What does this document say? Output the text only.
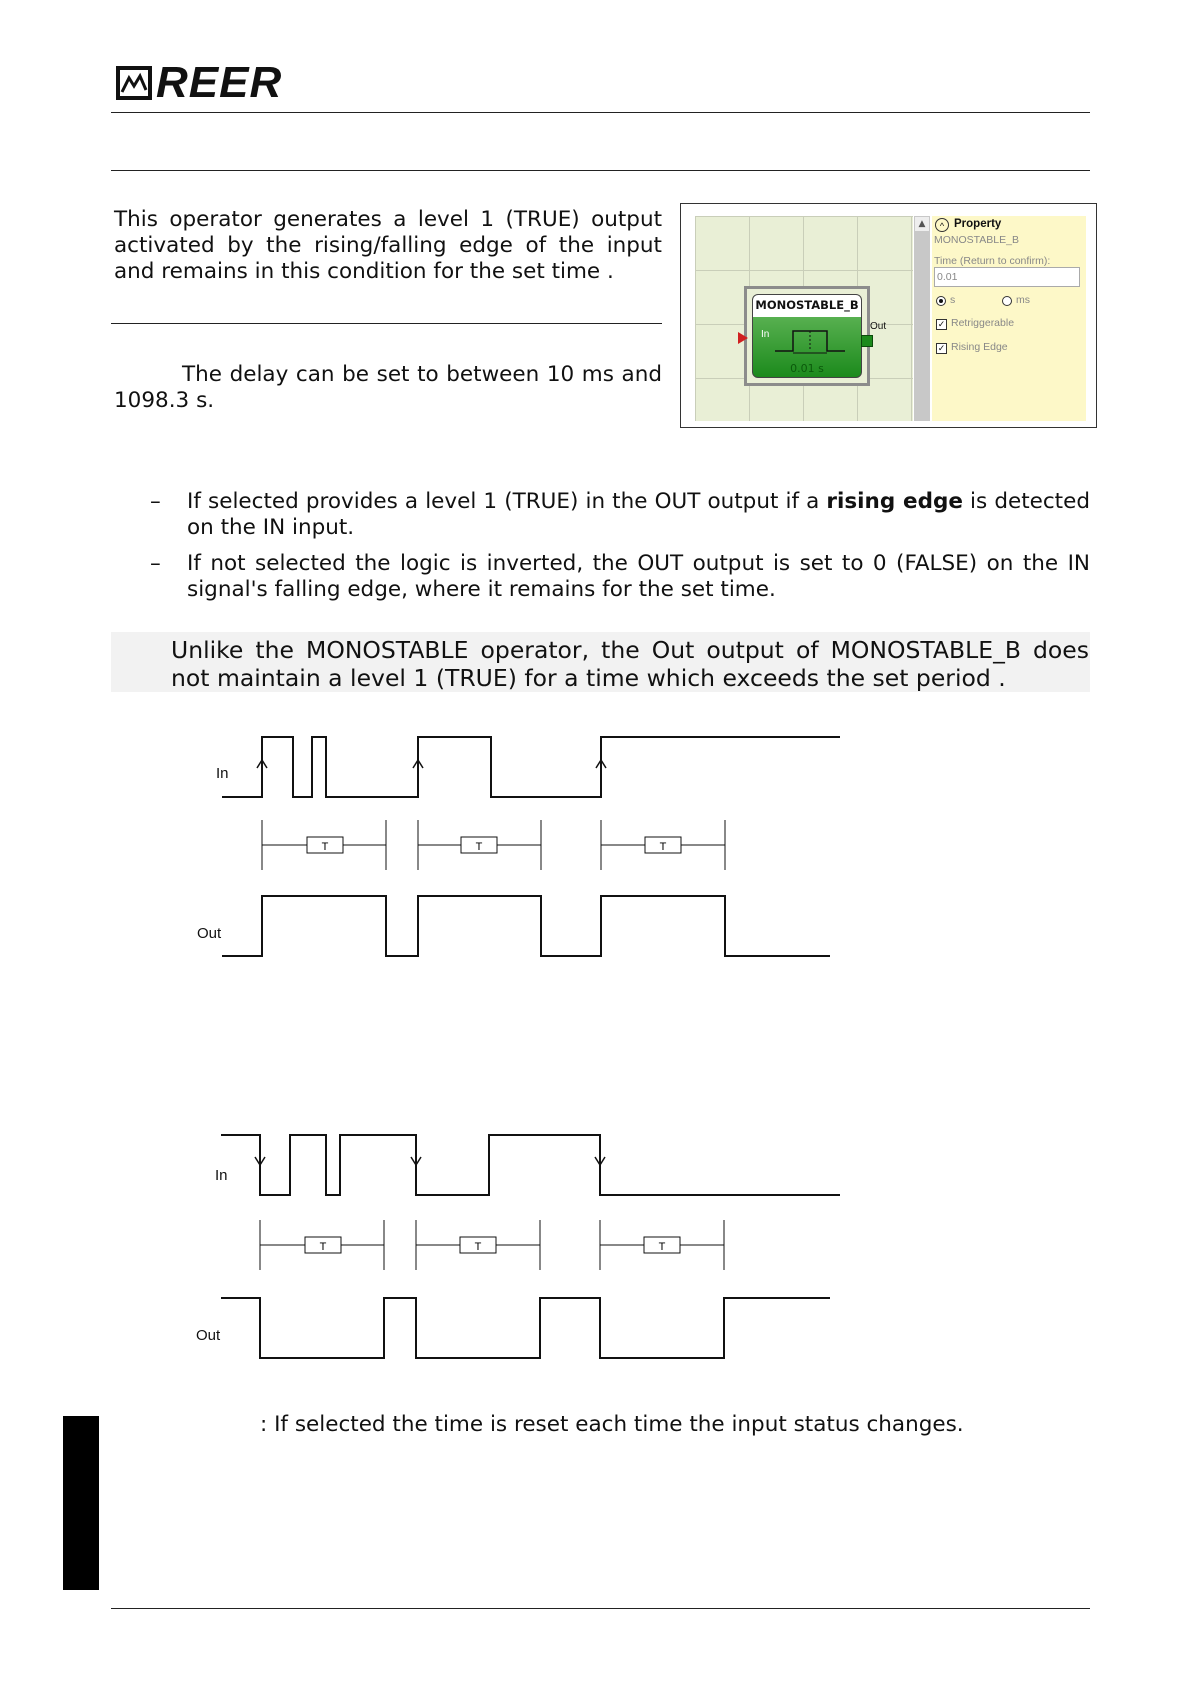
REER
This operator generates a level 1 (TRUE) output activated by the rising/falling edge of the input and remains in this condition for the set time .
The delay can be set to between 10 ms and 1098.3 s.
MONOSTABLE_B
0.01 s
In
Out
▲	^ Property
MONOSTABLE_B
Time (Return to confirm):
0.01
s	ms
✓ Retriggerable
✓ Rising Edge
– If selected provides a level 1 (TRUE) in the OUT output if a rising edge is detected on the IN input.
– If not selected the logic is inverted, the OUT output is set to 0 (FALSE) on the IN signal's falling edge, where it remains for the set time.
Unlike the MONOSTABLE operator, the Out output of MONOSTABLE_B does not maintain a level 1 (TRUE) for a time which exceeds the set period .
In
T	T	T
Out
In
T	T	T
Out
: If selected the time is reset each time the input status changes.
